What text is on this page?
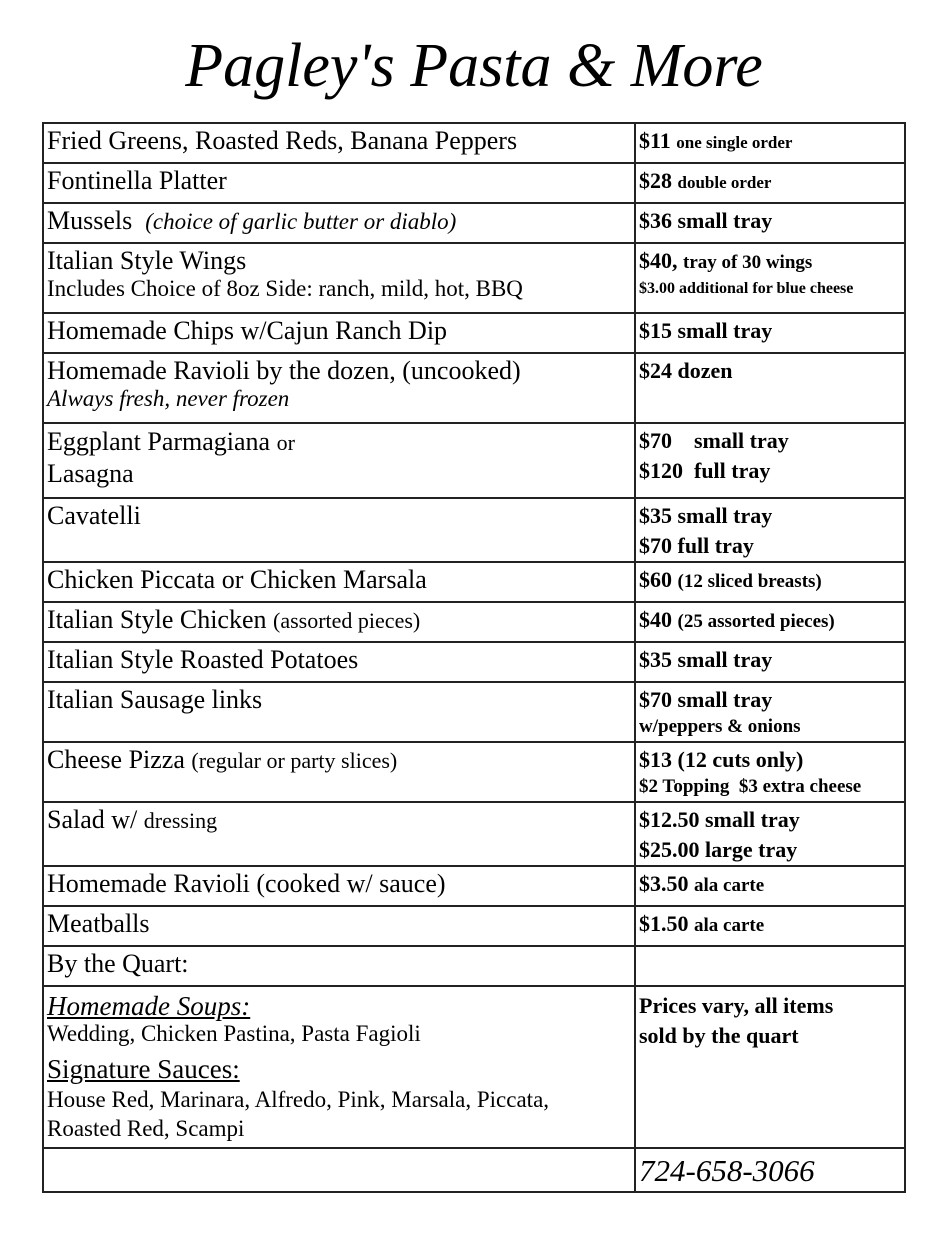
Pagley's Pasta & More
Fried Greens, Roasted Reds, Banana Peppers	$11 one single order
Fontinella Platter	$28 double order
Mussels (choice of garlic butter or diablo)	$36 small tray

Italian Style Wings
Includes Choice of 8oz Side: ranch, mild, hot, BBQ	$40, tray of 30 wings
$3.00 additional for blue cheese

Homemade Chips w/Cajun Ranch Dip	$15 small tray

Homemade Ravioli by the dozen, (uncooked)
Always fresh, never frozen	$24 dozen

Eggplant Parmagiana or
Lasagna	$70    small tray
$120  full tray

Cavatelli	$35 small tray
$70 full tray

Chicken Piccata or Chicken Marsala	$60 (12 sliced breasts)
Italian Style Chicken (assorted pieces)	$40 (25 assorted pieces)
Italian Style Roasted Potatoes	$35 small tray
Italian Sausage links	$70 small tray
w/peppers & onions

Cheese Pizza (regular or party slices)	$13 (12 cuts only)
$2 Topping  $3 extra cheese

Salad w/ dressing	$12.50 small tray
$25.00 large tray

Homemade Ravioli (cooked w/ sauce)	$3.50 ala carte
Meatballs	$1.50 ala carte
By the Quart:	

Homemade Soups:
Wedding, Chicken Pastina, Pasta Fagioli
Signature Sauces:
House Red, Marinara, Alfredo, Pink, Marsala, Piccata,
Roasted Red, Scampi	Prices vary, all items
sold by the quart

	724-658-3066
